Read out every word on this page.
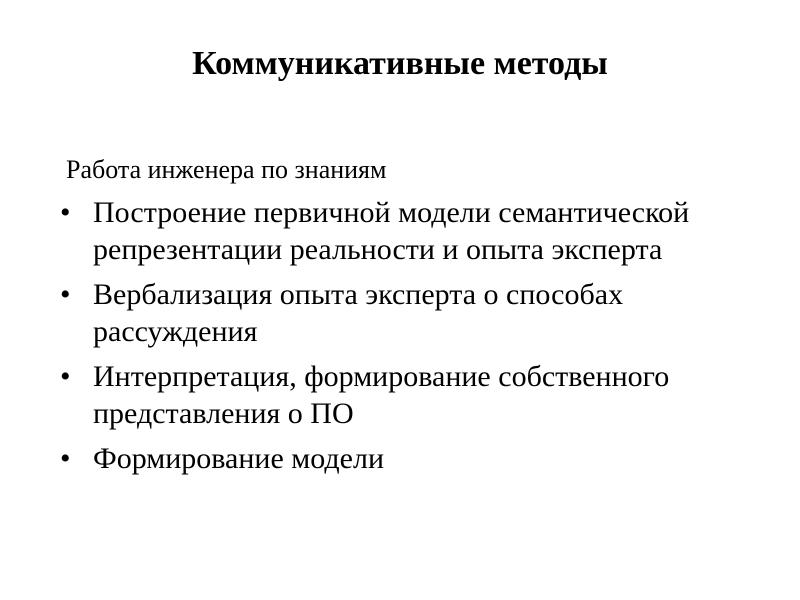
Коммуникативные методы
Работа инженера по знаниям
• Построение первичной модели семантической репрезентации реальности и опыта эксперта
• Вербализация опыта эксперта о способах рассуждения
• Интерпретация, формирование собственного представления о ПО
• Формирование модели
